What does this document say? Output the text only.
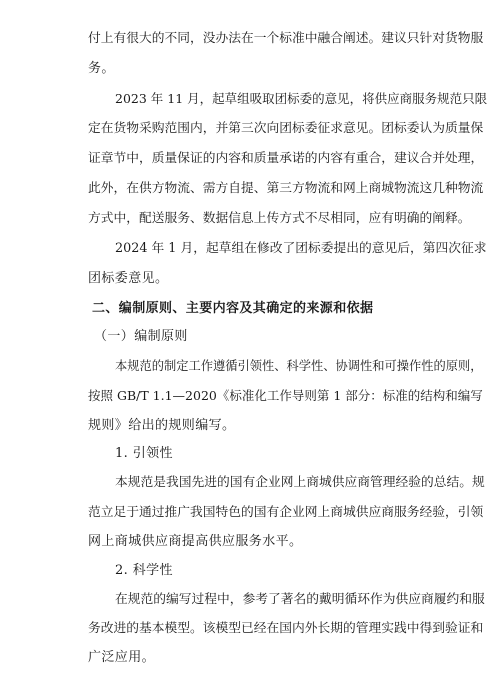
付上有很大的不同，没办法在一个标准中融合阐述。建议只针对货物服
务。
2023 年 11 月，起草组吸取团标委的意见，将供应商服务规范只限
定在货物采购范围内，并第三次向团标委征求意见。团标委认为质量保
证章节中，质量保证的内容和质量承诺的内容有重合，建议合并处理，
此外，在供方物流、需方自提、第三方物流和网上商城物流这几种物流
方式中，配送服务、数据信息上传方式不尽相同，应有明确的阐释。
2024 年 1 月，起草组在修改了团标委提出的意见后，第四次征求
团标委意见。
二、编制原则、主要内容及其确定的来源和依据
（一）编制原则
本规范的制定工作遵循引领性、科学性、协调性和可操作性的原则，
按照 GB/T 1.1—2020《标准化工作导则第 1 部分：标准的结构和编写
规则》给出的规则编写。
1. 引领性
本规范是我国先进的国有企业网上商城供应商管理经验的总结。规
范立足于通过推广我国特色的国有企业网上商城供应商服务经验，引领
网上商城供应商提高供应服务水平。
2. 科学性
在规范的编写过程中，参考了著名的戴明循环作为供应商履约和服
务改进的基本模型。该模型已经在国内外长期的管理实践中得到验证和
广泛应用。
